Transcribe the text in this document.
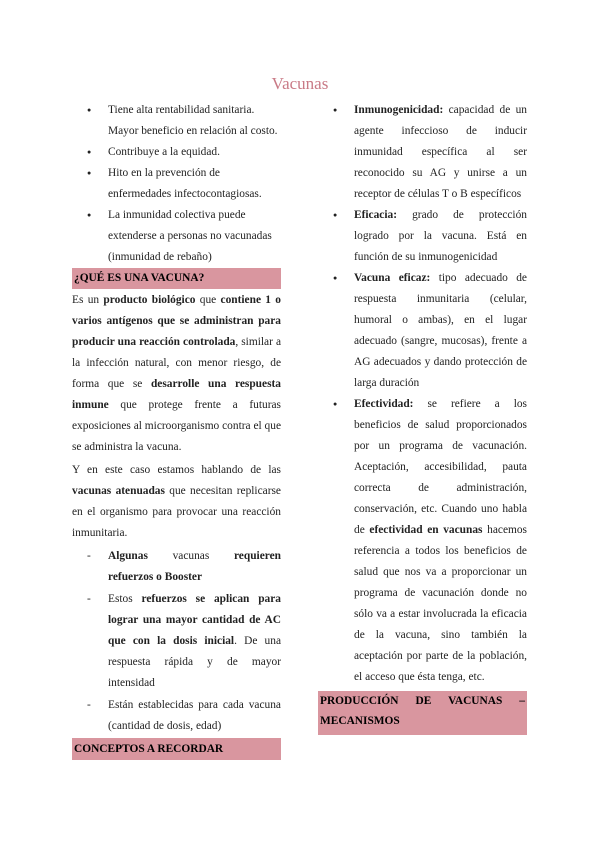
Vacunas
● Tiene alta rentabilidad sanitaria. Mayor beneficio en relación al costo.
● Contribuye a la equidad.
● Hito en la prevención de enfermedades infectocontagiosas.
● La inmunidad colectiva puede extenderse a personas no vacunadas (inmunidad de rebaño)
¿QUÉ ES UNA VACUNA?

Es un producto biológico que contiene 1 o varios antígenos que se administran para producir una reacción controlada, similar a la infección natural, con menor riesgo, de forma que se desarrolle una respuesta inmune que protege frente a futuras exposiciones al microorganismo contra el que se administra la vacuna.

Y en este caso estamos hablando de las vacunas atenuadas que necesitan replicarse en el organismo para provocar una reacción inmunitaria.

- Algunas vacunas requieren refuerzos o Booster
- Estos refuerzos se aplican para lograr una mayor cantidad de AC que con la dosis inicial. De una respuesta rápida y de mayor intensidad
- Están establecidas para cada vacuna (cantidad de dosis, edad)
CONCEPTOS A RECORDAR
● Inmunogenicidad: capacidad de un agente infeccioso de inducir inmunidad específica al ser reconocido su AG y unirse a un receptor de células T o B específicos
● Eficacia: grado de protección logrado por la vacuna. Está en función de su inmunogenicidad
● Vacuna eficaz: tipo adecuado de respuesta inmunitaria (celular, humoral o ambas), en el lugar adecuado (sangre, mucosas), frente a AG adecuados y dando protección de larga duración
● Efectividad: se refiere a los beneficios de salud proporcionados por un programa de vacunación. Aceptación, accesibilidad, pauta correcta de administración, conservación, etc. Cuando uno habla de efectividad en vacunas hacemos referencia a todos los beneficios de salud que nos va a proporcionar un programa de vacunación donde no sólo va a estar involucrada la eficacia de la vacuna, sino también la aceptación por parte de la población, el acceso que ésta tenga, etc.
PRODUCCIÓN DE VACUNAS – MECANISMOS
